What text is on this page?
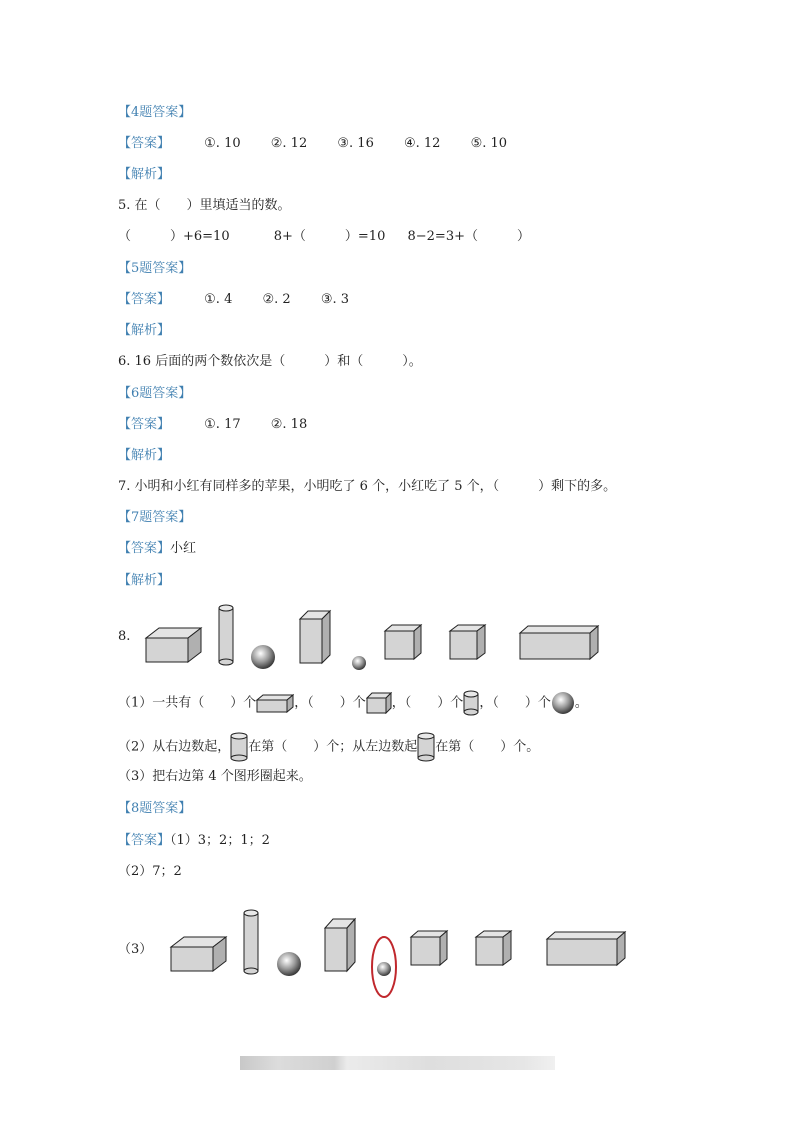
【4题答案】
【答案】	①. 10 ②. 12 ③. 16 ④. 12 ⑤. 10
【解析】
5. 在（　　）里填适当的数。
（　　　）+6=10	8+（　　　）=10 8−2=3+（　　　）
【5题答案】
【答案】	①. 4 ②. 2 ③. 3
【解析】
6. 16 后面的两个数依次是（　　　）和（　　　）。
【6题答案】
【答案】	①. 17 ②. 18
【解析】
7. 小明和小红有同样多的苹果，小明吃了 6 个，小红吃了 5 个，（　　　）剩下的多。
【7题答案】
【答案】小红
【解析】
8.
（1）一共有（　　）个	，（　　）个 ，（　　）个 ，（　　）个 。
（2）从右边数起， 在第（　　）个；从左边数起 在第（　　）个。
（3）把右边第 4 个图形圈起来。
【8题答案】
【答案】（1）3；2；1；2
（2）7；2
（3）
